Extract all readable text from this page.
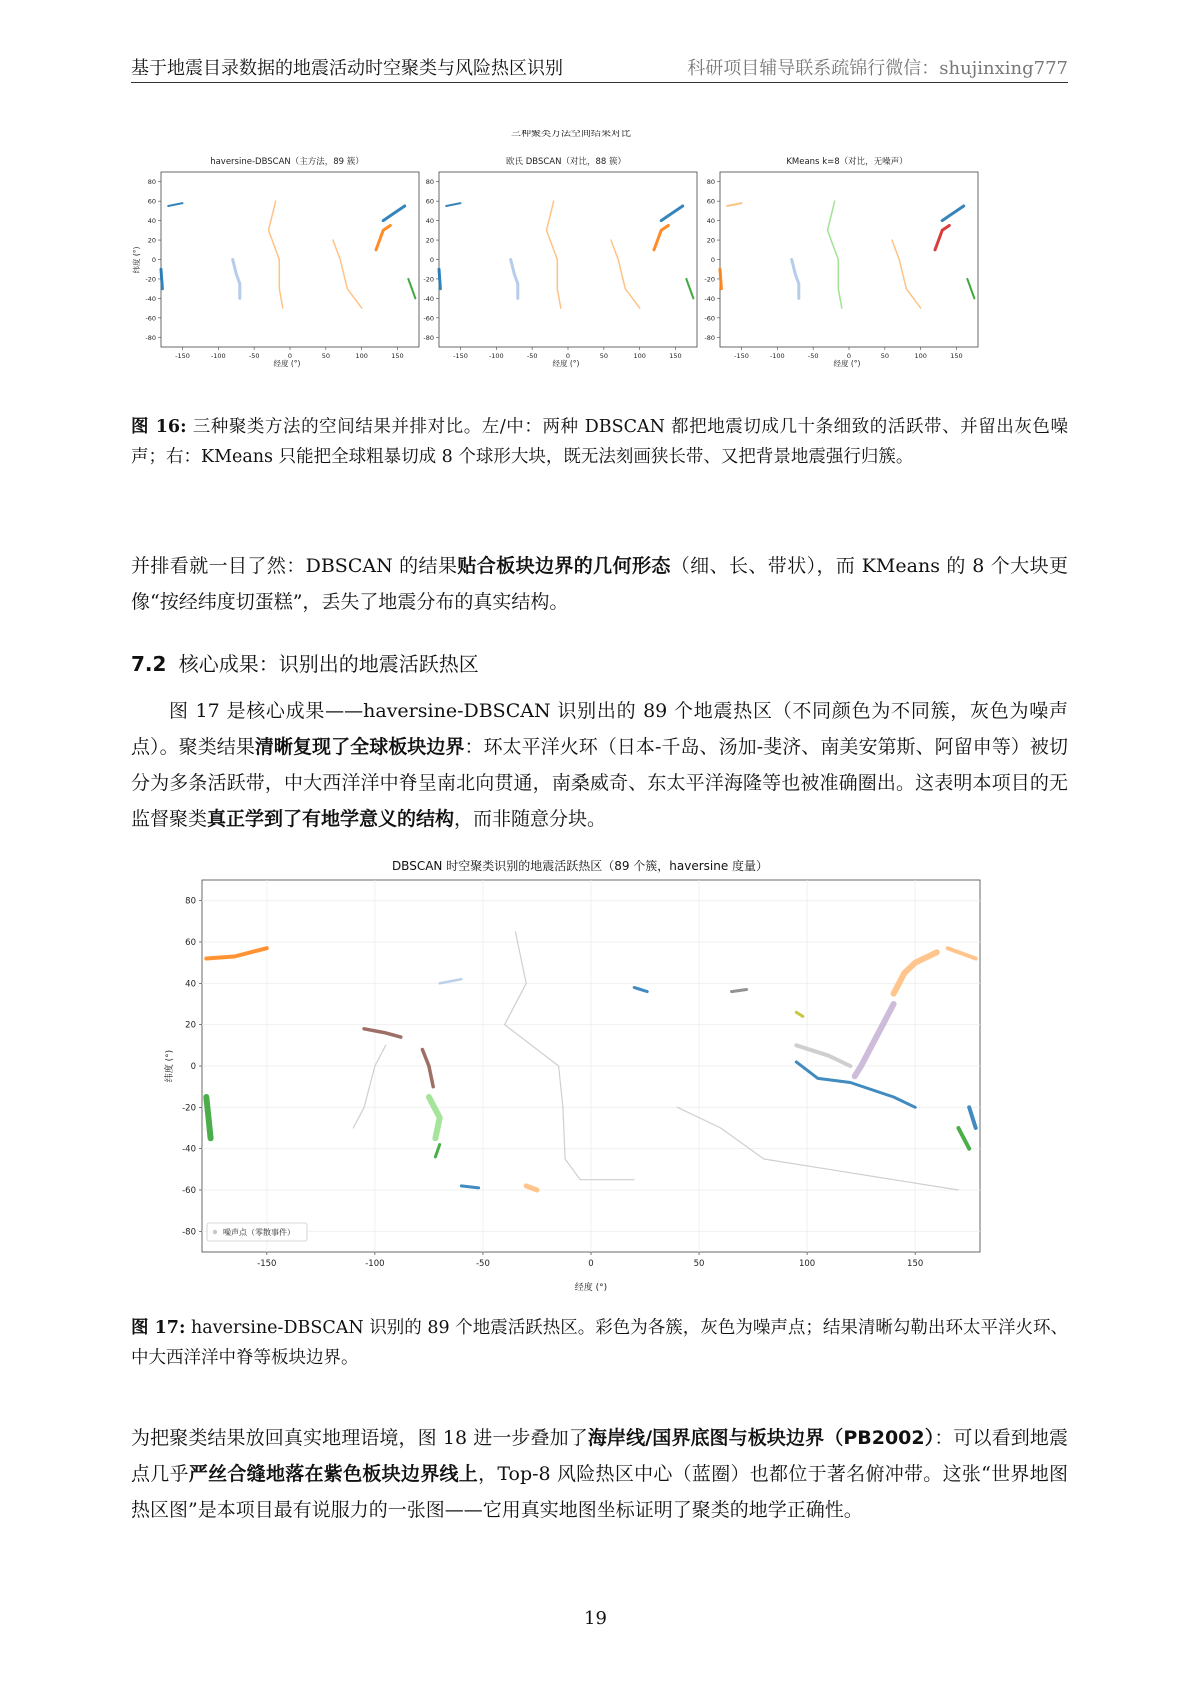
基于地震目录数据的地震活动时空聚类与风险热区识别	科研项目辅导联系疏锦行微信：shujinxing777
三种聚类方法空间结果对比
haversine-DBSCAN（主方法，89 簇）	欧氏 DBSCAN（对比，88 簇）	KMeans k=8（对比，无噪声）
纬度 (°)
经度 (°)	经度 (°)	经度 (°)
80
60
40
20
0
-20
-40
-60
-80
-150	-100	-50	0	50	100	150
80
60
40
20
0
-20
-40
-60
-80
-150	-100	-50	0	50	100	150
80
60
40
20
0
-20
-40
-60
-80
-150	-100	-50	0	50	100	150
图 16: 三种聚类方法的空间结果并排对比。左/中：两种 DBSCAN 都把地震切成几十条细致的活跃带、并留出灰色噪声；右：KMeans 只能把全球粗暴切成 8 个球形大块，既无法刻画狭长带、又把背景地震强行归簇。
并排看就一目了然：DBSCAN 的结果贴合板块边界的几何形态（细、长、带状），而 KMeans 的 8 个大块更像“按经纬度切蛋糕”，丢失了地震分布的真实结构。
7.2 核心成果：识别出的地震活跃热区
图 17 是核心成果——haversine-DBSCAN 识别出的 89 个地震热区（不同颜色为不同簇，灰色为噪声点）。聚类结果清晰复现了全球板块边界：环太平洋火环（日本-千岛、汤加-斐济、南美安第斯、阿留申等）被切分为多条活跃带，中大西洋洋中脊呈南北向贯通，南桑威奇、东太平洋海隆等也被准确圈出。这表明本项目的无监督聚类真正学到了有地学意义的结构，而非随意分块。
DBSCAN 时空聚类识别的地震活跃热区（89 个簇，haversine 度量）
80
60
40
20
0
-20
-40
-60
-80
-150	-100	-50	0	50	100	150
纬度 (°)
经度 (°)
噪声点（零散事件）
图 17: haversine-DBSCAN 识别的 89 个地震活跃热区。彩色为各簇，灰色为噪声点；结果清晰勾勒出环太平洋火环、中大西洋洋中脊等板块边界。
为把聚类结果放回真实地理语境，图 18 进一步叠加了海岸线/国界底图与板块边界（PB2002）：可以看到地震点几乎严丝合缝地落在紫色板块边界线上，Top-8 风险热区中心（蓝圈）也都位于著名俯冲带。这张“世界地图热区图”是本项目最有说服力的一张图——它用真实地图坐标证明了聚类的地学正确性。
19
